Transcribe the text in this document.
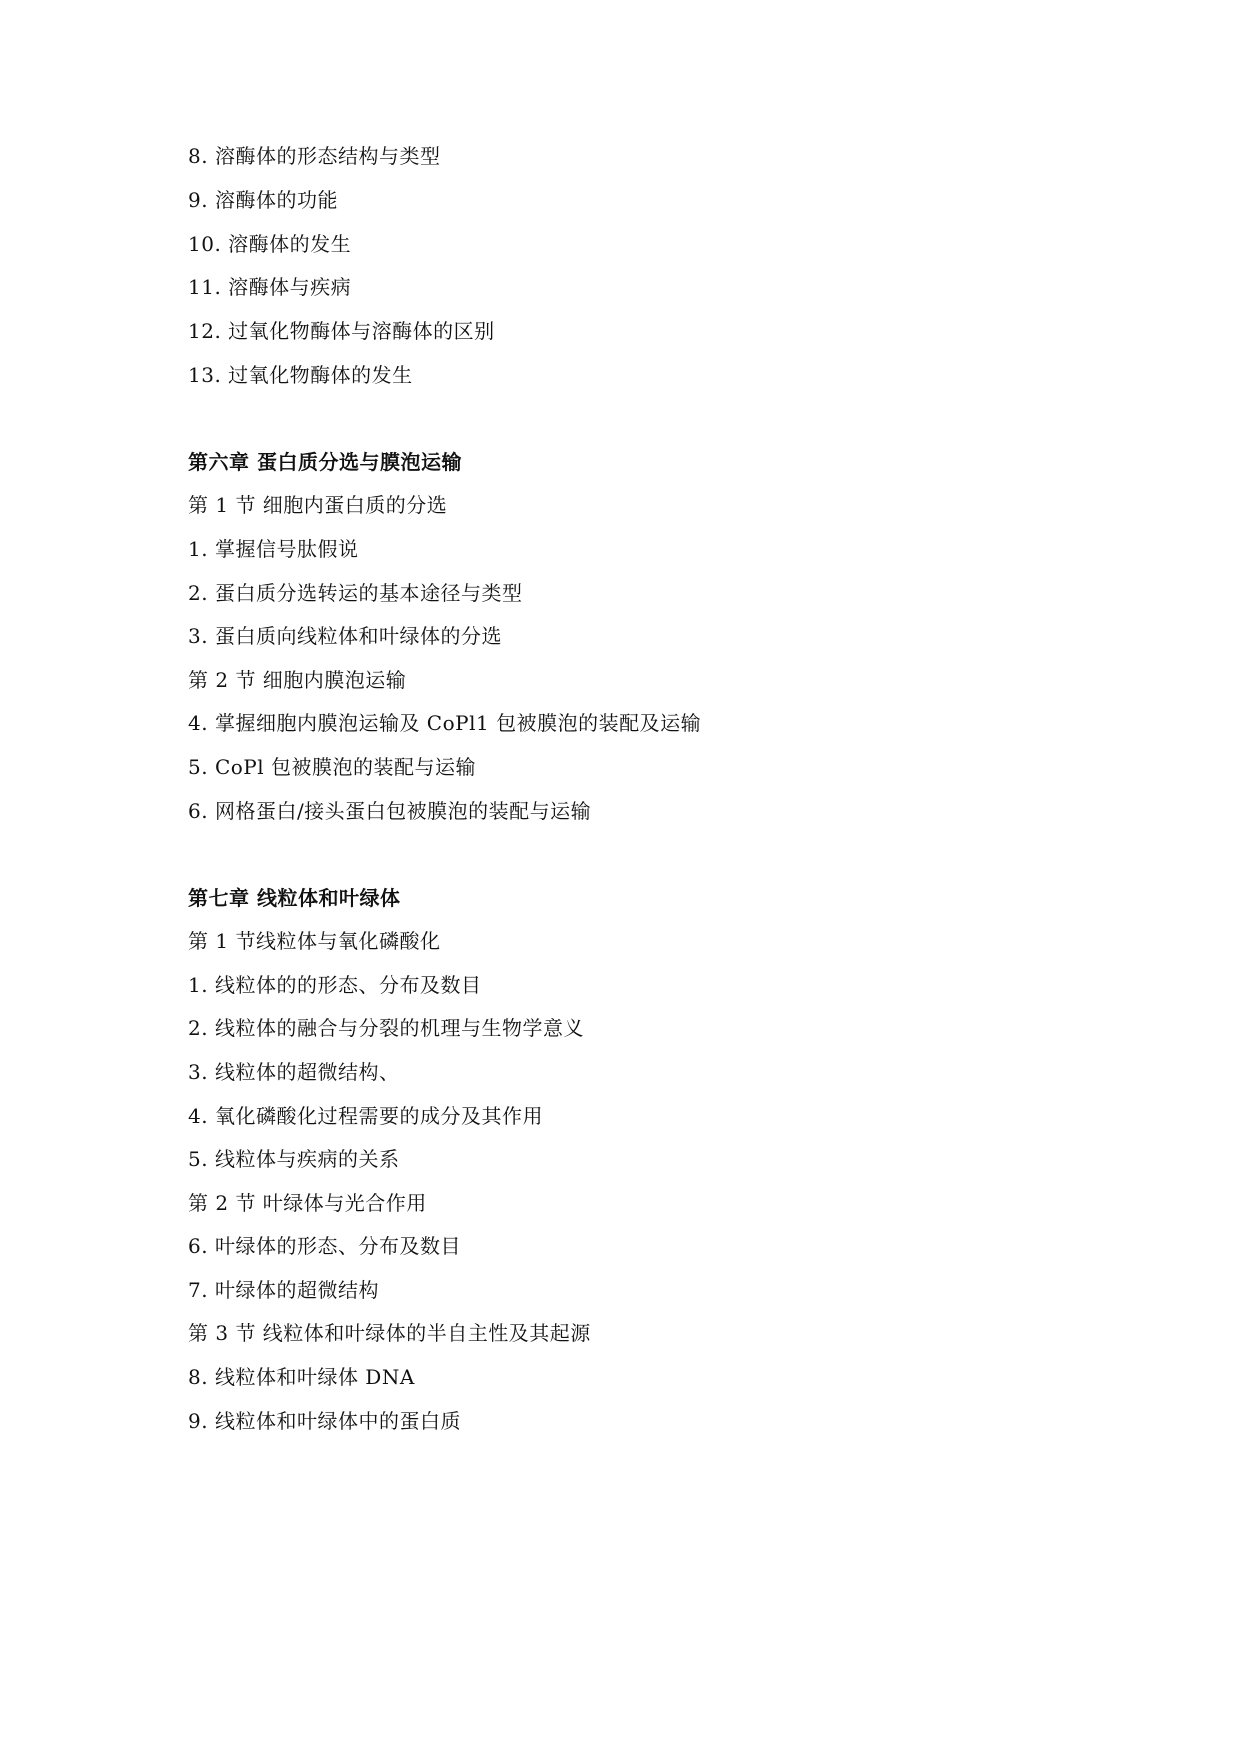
8. 溶酶体的形态结构与类型
9. 溶酶体的功能
10. 溶酶体的发生
11. 溶酶体与疾病
12. 过氧化物酶体与溶酶体的区别
13. 过氧化物酶体的发生
第六章 蛋白质分选与膜泡运输
第 1 节 细胞内蛋白质的分选
1. 掌握信号肽假说
2. 蛋白质分选转运的基本途径与类型
3. 蛋白质向线粒体和叶绿体的分选
第 2 节 细胞内膜泡运输
4. 掌握细胞内膜泡运输及 CoPl1 包被膜泡的装配及运输
5. CoPl 包被膜泡的装配与运输
6. 网格蛋白/接头蛋白包被膜泡的装配与运输
第七章 线粒体和叶绿体
第 1 节线粒体与氧化磷酸化
1. 线粒体的的形态、分布及数目
2. 线粒体的融合与分裂的机理与生物学意义
3. 线粒体的超微结构、
4. 氧化磷酸化过程需要的成分及其作用
5. 线粒体与疾病的关系
第 2 节 叶绿体与光合作用
6. 叶绿体的形态、分布及数目
7. 叶绿体的超微结构
第 3 节 线粒体和叶绿体的半自主性及其起源
8. 线粒体和叶绿体 DNA
9. 线粒体和叶绿体中的蛋白质
